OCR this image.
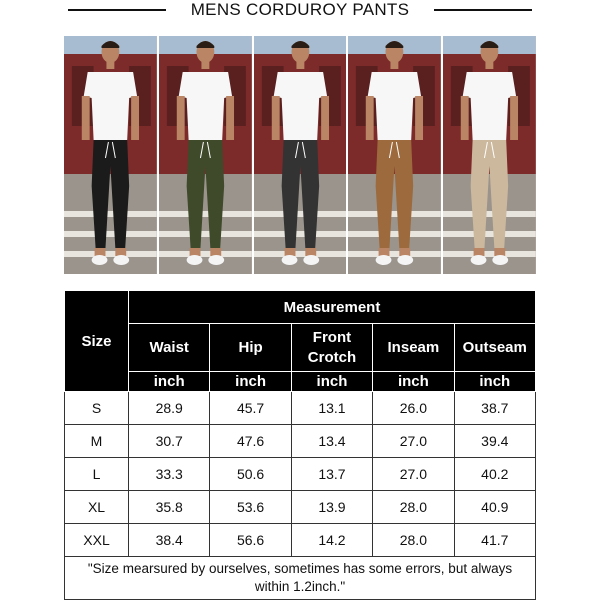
MENS CORDUROY PANTS
Size	Measurement				
	Waist	Hip	Front Crotch	Inseam	Outseam
	inch	inch	inch	inch	inch
S	28.9	45.7	13.1	26.0	38.7
M	30.7	47.6	13.4	27.0	39.4
L	33.3	50.6	13.7	27.0	40.2
XL	35.8	53.6	13.9	28.0	40.9
XXL	38.4	56.6	14.2	28.0	41.7
"Size mearsured by ourselves, sometimes has some errors, but always within 1.2inch."					
